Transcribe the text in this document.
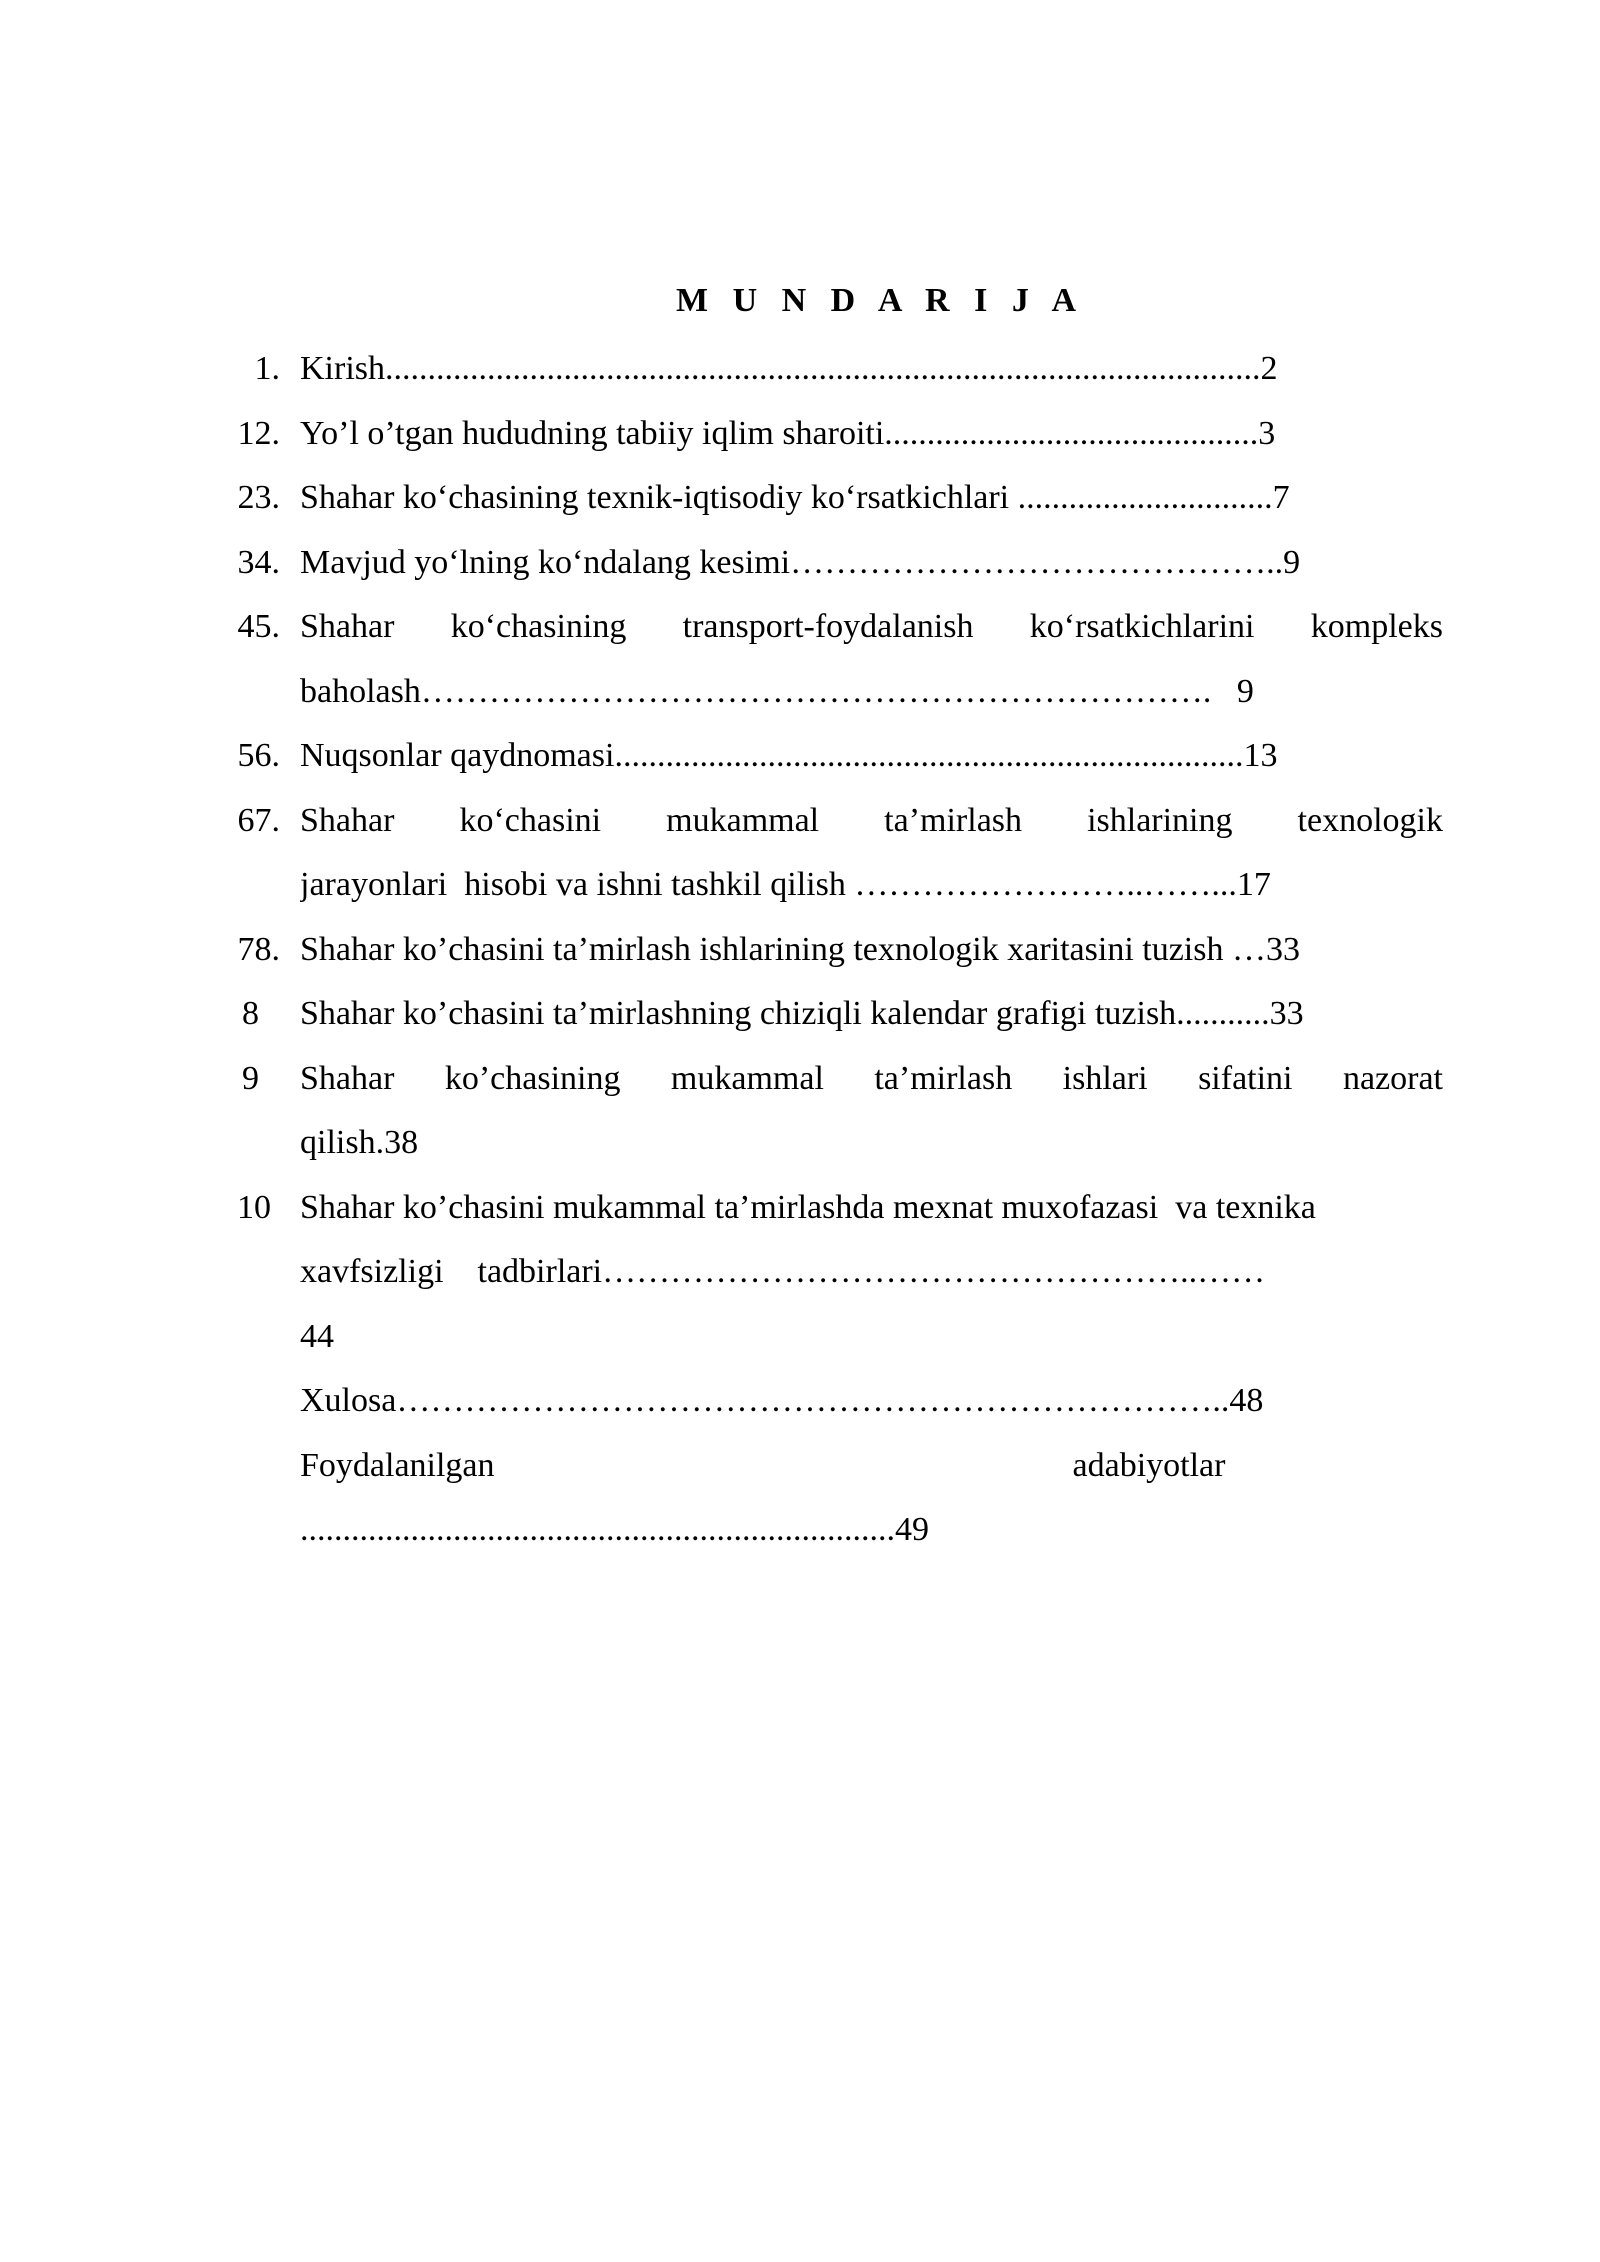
M U N D A R I J A
1. Kirish.......................................................................................................2
12. Yo’l o’tgan hududning tabiiy iqlim sharoiti............................................3
23. Shahar ko‘chasining texnik-iqtisodiy ko‘rsatkichlari ..............................7
34. Mavjud yo‘lning ko‘ndalang kesimi……………………………………..9
45. Shahar ko‘chasining transport-foydalanish ko‘rsatkichlarini kompleks
baholash…………………………………………………………….   9
56. Nuqsonlar qaydnomasi..........................................................................13
67. Shahar ko‘chasini mukammal ta’mirlash ishlarining texnologik
jarayonlari  hisobi va ishni tashkil qilish ……………………..……...17
78. Shahar ko’chasini ta’mirlash ishlarining texnologik xaritasini tuzish …33
8	Shahar ko’chasini ta’mirlashning chiziqli kalendar grafigi tuzish...........33
9	Shahar ko’chasining mukammal ta’mirlash ishlari sifatini nazorat
qilish.38
10 Shahar ko’chasini mukammal ta’mirlashda mexnat muxofazasi  va texnika
xavfsizligi    tadbirlari……………………………………………..……
44
Xulosa………………………………………………………………..48
Foydalanilgan                                                                    adabiyotlar
......................................................................49
